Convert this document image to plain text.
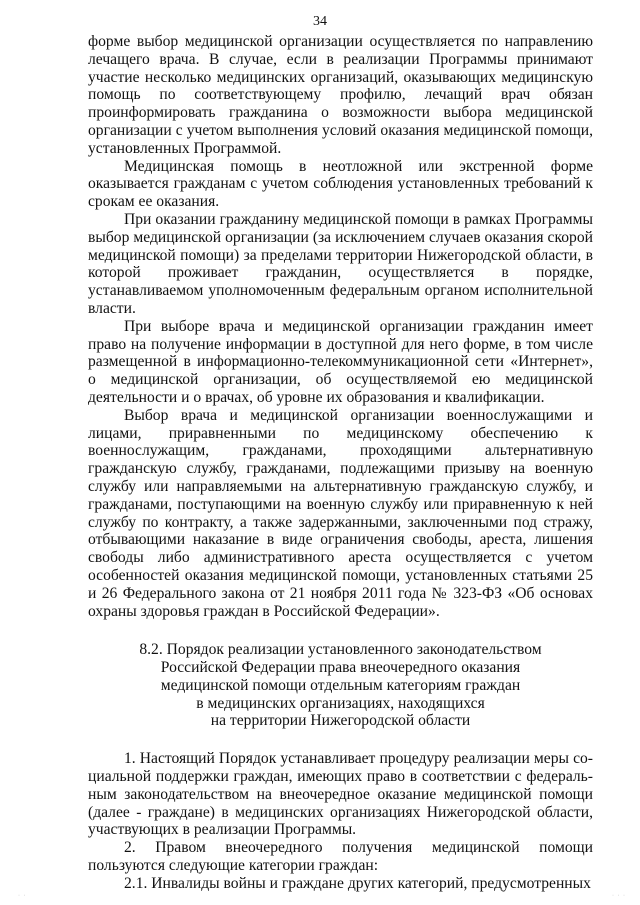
34

форме выбор медицинской организации осуществляется по направлению лечащего врача. В случае, если в реализации Программы принимают участие несколько медицинских организаций, оказывающих медицинскую помощь по соответствующему профилю, лечащий врач обязан проинформировать гражданина о возможности выбора медицинской организации с учетом выполнения условий оказания медицинской помощи, установленных Программой.

Медицинская помощь в неотложной или экстренной форме оказывается гражданам с учетом соблюдения установленных требований к срокам ее оказания.

При оказании гражданину медицинской помощи в рамках Программы выбор медицинской организации (за исключением случаев оказания скорой медицинской помощи) за пределами территории Нижегородской области, в которой проживает гражданин, осуществляется в порядке, устанавливаемом уполномоченным федеральным органом исполнительной власти.

При выборе врача и медицинской организации гражданин имеет право на получение информации в доступной для него форме, в том числе размещенной в информационно-телекоммуникационной сети «Интернет», о медицинской организации, об осуществляемой ею медицинской деятельности и о врачах, об уровне их образования и квалификации.

Выбор врача и медицинской организации военнослужащими и лицами, приравненными по медицинскому обеспечению к военнослужащим, гражданами, проходящими альтернативную гражданскую службу, гражданами, подлежащими призыву на военную службу или направляемыми на альтернативную гражданскую службу, и гражданами, поступающими на военную службу или приравненную к ней службу по контракту, а также задержанными, заключенными под стражу, отбывающими наказание в виде ограничения свободы, ареста, лишения свободы либо административного ареста осуществляется с учетом особенностей оказания медицинской помощи, установленных статьями 25 и 26 Федерального закона от 21 ноября 2011 года № 323-ФЗ «Об основах охраны здоровья граждан в Российской Федерации».

8.2. Порядок реализации установленного законодательством
Российской Федерации права внеочередного оказания
медицинской помощи отдельным категориям граждан
в медицинских организациях, находящихся
на территории Нижегородской области

1. Настоящий Порядок устанавливает процедуру реализации меры социальной поддержки граждан, имеющих право в соответствии с федеральным законодательством на внеочередное оказание медицинской помощи (далее - граждане) в медицинских организациях Нижегородской области, участвующих в реализации Программы.

2. Правом внеочередного получения медицинской помощи пользуются следующие категории граждан:

2.1. Инвалиды войны и граждане других категорий, предусмотренных

· ·	· · ·
